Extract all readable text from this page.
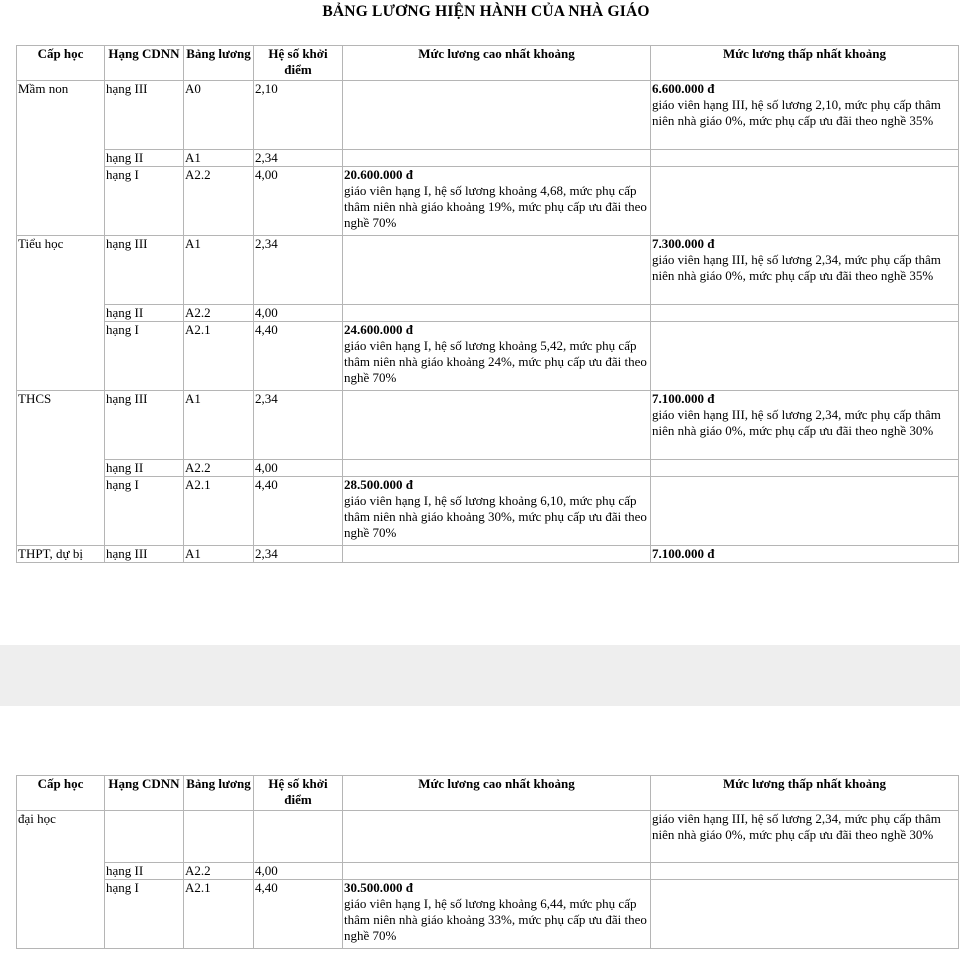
BẢNG LƯƠNG HIỆN HÀNH CỦA NHÀ GIÁO
Cấp học	Hạng CDNN	Bảng lương	Hệ số khởi điểm	Mức lương cao nhất khoảng	Mức lương thấp nhất khoảng
Mầm non	hạng III	A0	2,10		6.600.000 đ
giáo viên hạng III, hệ số lương 2,10, mức phụ cấp thâm niên nhà giáo 0%, mức phụ cấp ưu đãi theo nghề 35%

	hạng II	A1	2,34		
	hạng I	A2.2	4,00	20.600.000 đ
giáo viên hạng I, hệ số lương khoảng 4,68, mức phụ cấp thâm niên nhà giáo khoảng 19%, mức phụ cấp ưu đãi theo nghề 70%	

Tiểu học	hạng III	A1	2,34		7.300.000 đ
giáo viên hạng III, hệ số lương 2,34, mức phụ cấp thâm niên nhà giáo 0%, mức phụ cấp ưu đãi theo nghề 35%

	hạng II	A2.2	4,00		
	hạng I	A2.1	4,40	24.600.000 đ
giáo viên hạng I, hệ số lương khoảng 5,42, mức phụ cấp thâm niên nhà giáo khoảng 24%, mức phụ cấp ưu đãi theo nghề 70%	

THCS	hạng III	A1	2,34		7.100.000 đ
giáo viên hạng III, hệ số lương 2,34, mức phụ cấp thâm niên nhà giáo 0%, mức phụ cấp ưu đãi theo nghề 30%

	hạng II	A2.2	4,00		
	hạng I	A2.1	4,40	28.500.000 đ
giáo viên hạng I, hệ số lương khoảng 6,10, mức phụ cấp thâm niên nhà giáo khoảng 30%, mức phụ cấp ưu đãi theo nghề 70%	

THPT, dự bị	hạng III	A1	2,34		7.100.000 đ
Cấp học	Hạng CDNN	Bảng lương	Hệ số khởi điểm	Mức lương cao nhất khoảng	Mức lương thấp nhất khoảng
đại học					giáo viên hạng III, hệ số lương 2,34, mức phụ cấp thâm niên nhà giáo 0%, mức phụ cấp ưu đãi theo nghề 30%

	hạng II	A2.2	4,00		
	hạng I	A2.1	4,40	30.500.000 đ
giáo viên hạng I, hệ số lương khoảng 6,44, mức phụ cấp thâm niên nhà giáo khoảng 33%, mức phụ cấp ưu đãi theo nghề 70%	
